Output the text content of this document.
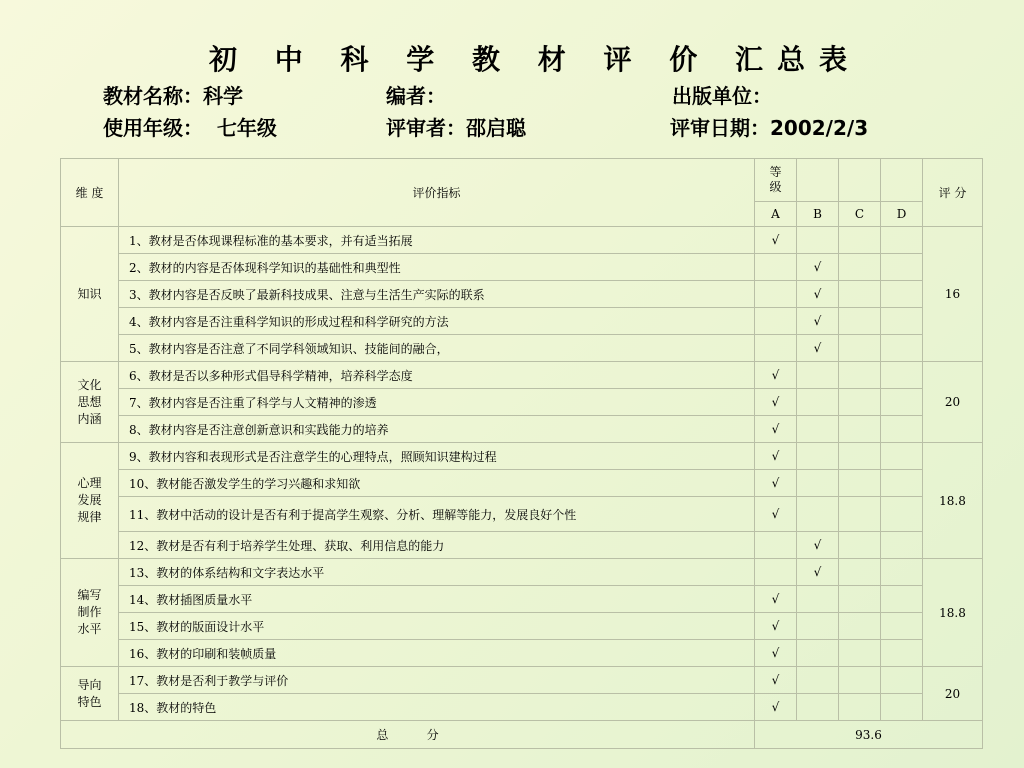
初 中 科 学 教 材 评 价 汇总表
教材名称：科学	编者：	出版单位：
使用年级：  七年级	评审者：邵启聪	评审日期：2002/2/3
维 度	评价指标	等
级				评 分
		A	B	C	D	
知识	1、教材是否体现课程标准的基本要求，并有适当拓展	√				16
	2、教材的内容是否体现科学知识的基础性和典型性		√			
	3、教材内容是否反映了最新科技成果、注意与生活生产实际的联系		√			
	4、教材内容是否注重科学知识的形成过程和科学研究的方法		√			
	5、教材内容是否注意了不同学科领域知识、技能间的融合，		√			
文化
思想
内涵	6、教材是否以多种形式倡导科学精神，培养科学态度	√				20
	7、教材内容是否注重了科学与人文精神的渗透	√				
	8、教材内容是否注意创新意识和实践能力的培养	√				
心理
发展
规律	9、教材内容和表现形式是否注意学生的心理特点，照顾知识建构过程	√				18.8
	10、教材能否激发学生的学习兴趣和求知欲	√				
	11、教材中活动的设计是否有利于提高学生观察、分析、理解等能力，发展良好个性	√				
	12、教材是否有利于培养学生处理、获取、利用信息的能力		√			
编写
制作
水平	13、教材的体系结构和文字表达水平		√			18.8
	14、教材插图质量水平	√				
	15、教材的版面设计水平	√				
	16、教材的印刷和装帧质量	√				
导向
特色	17、教材是否利于教学与评价	√				20
	18、教材的特色	√				
总          分		93.6				
